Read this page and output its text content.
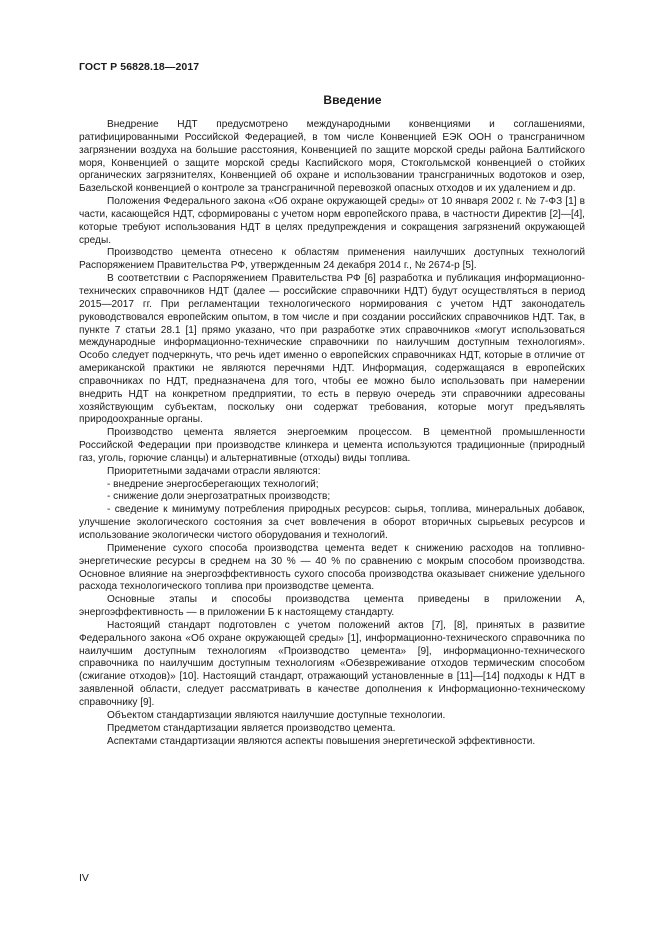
ГОСТ Р 56828.18—2017
Введение

Внедрение НДТ предусмотрено международными конвенциями и соглашениями, ратифицированными Российской Федерацией, в том числе Конвенцией ЕЭК ООН о трансграничном загрязнении воздуха на большие расстояния, Конвенцией по защите морской среды района Балтийского моря, Конвенцией о защите морской среды Каспийского моря, Стокгольмской конвенцией о стойких органических загрязнителях, Конвенцией об охране и использовании трансграничных водотоков и озер, Базельской конвенцией о контроле за трансграничной перевозкой опасных отходов и их удалением и др.

Положения Федерального закона «Об охране окружающей среды» от 10 января 2002 г. № 7-ФЗ [1] в части, касающейся НДТ, сформированы с учетом норм европейского права, в частности Директив [2]—[4], которые требуют использования НДТ в целях предупреждения и сокращения загрязнений окружающей среды.

Производство цемента отнесено к областям применения наилучших доступных технологий Распоряжением Правительства РФ, утвержденным 24 декабря 2014 г., № 2674-р [5].

В соответствии с Распоряжением Правительства РФ [6] разработка и публикация информационно-технических справочников НДТ (далее — российские справочники НДТ) будут осуществляться в период 2015—2017 гг. При регламентации технологического нормирования с учетом НДТ законодатель руководствовался европейским опытом, в том числе и при создании российских справочников НДТ. Так, в пункте 7 статьи 28.1 [1] прямо указано, что при разработке этих справочников «могут использоваться международные информационно-технические справочники по наилучшим доступным технологиям». Особо следует подчеркнуть, что речь идет именно о европейских справочниках НДТ, которые в отличие от американской практики не являются перечнями НДТ. Информация, содержащаяся в европейских справочниках по НДТ, предназначена для того, чтобы ее можно было использовать при намерении внедрить НДТ на конкретном предприятии, то есть в первую очередь эти справочники адресованы хозяйствующим субъектам, поскольку они содержат требования, которые могут предъявлять природоохранные органы.

Производство цемента является энергоемким процессом. В цементной промышленности Российской Федерации при производстве клинкера и цемента используются традиционные (природный газ, уголь, горючие сланцы) и альтернативные (отходы) виды топлива.

Приоритетными задачами отрасли являются:

- внедрение энергосберегающих технологий;

- снижение доли энергозатратных производств;

- сведение к минимуму потребления природных ресурсов: сырья, топлива, минеральных добавок, улучшение экологического состояния за счет вовлечения в оборот вторичных сырьевых ресурсов и использование экологически чистого оборудования и технологий.

Применение сухого способа производства цемента ведет к снижению расходов на топливно-энергетические ресурсы в среднем на 30 % — 40 % по сравнению с мокрым способом производства. Основное влияние на энергоэффективность сухого способа производства оказывает снижение удельного расхода технологического топлива при производстве цемента.

Основные этапы и способы производства цемента приведены в приложении А, энергоэффективность — в приложении Б к настоящему стандарту.

Настоящий стандарт подготовлен с учетом положений актов [7], [8], принятых в развитие Федерального закона «Об охране окружающей среды» [1], информационно-технического справочника по наилучшим доступным технологиям «Производство цемента» [9], информационно-технического справочника по наилучшим доступным технологиям «Обезвреживание отходов термическим способом (сжигание отходов)» [10]. Настоящий стандарт, отражающий установленные в [11]—[14] подходы к НДТ в заявленной области, следует рассматривать в качестве дополнения к Информационно-техническому справочнику [9].

Объектом стандартизации являются наилучшие доступные технологии.

Предметом стандартизации является производство цемента.

Аспектами стандартизации являются аспекты повышения энергетической эффективности.

IV
